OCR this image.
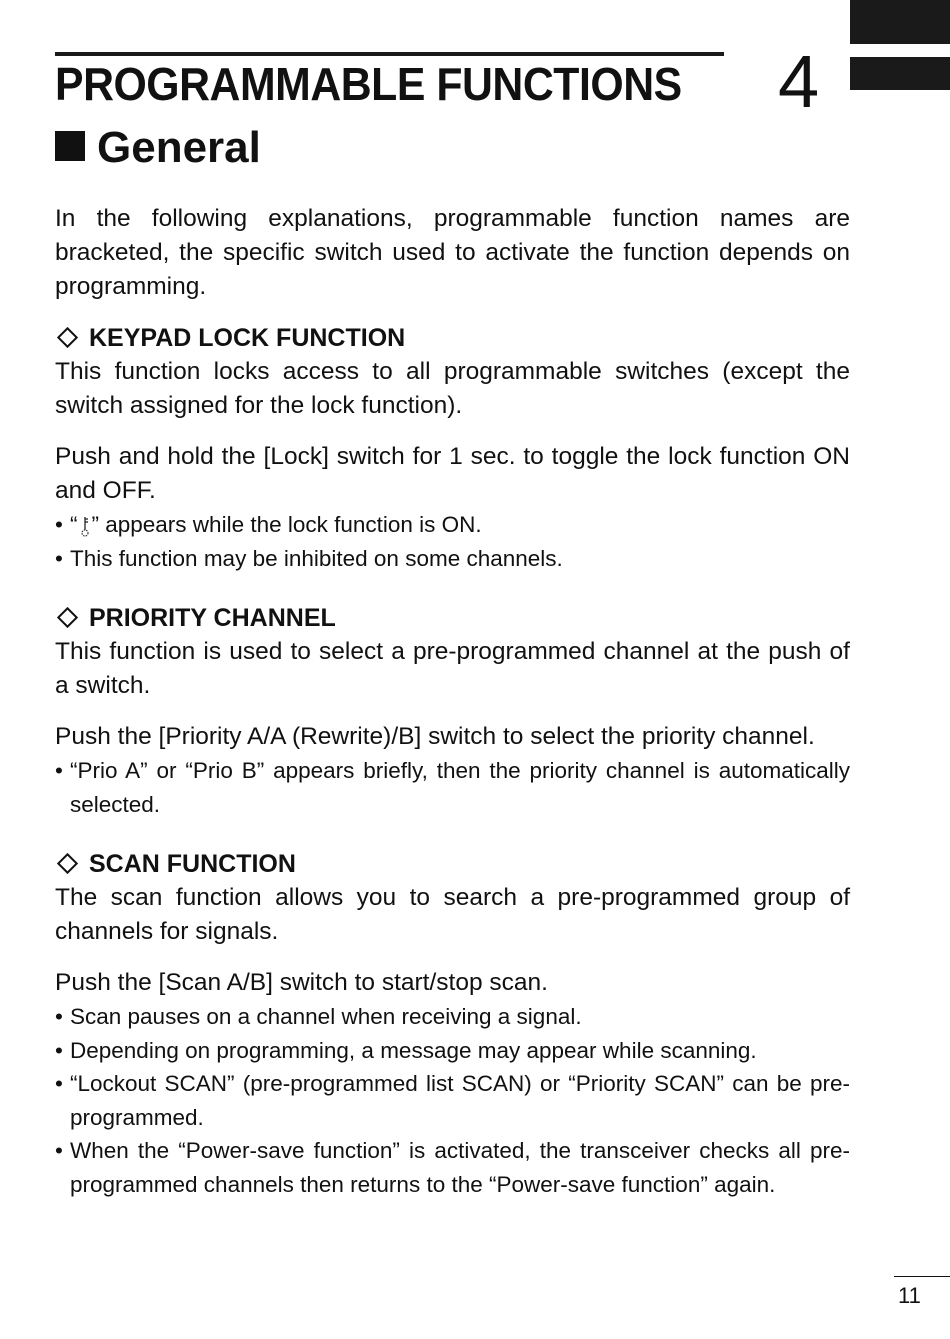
PROGRAMMABLE FUNCTIONS 4
General

In the following explanations, programmable function names are bracketed, the specific switch used to activate the function depends on programming.

KEYPAD LOCK FUNCTION

This function locks access to all programmable switches (except the switch assigned for the lock function).

Push and hold the [Lock] switch for 1 sec. to toggle the lock function ON and OFF.

• “ ” appears while the lock function is ON.
• This function may be inhibited on some channels.
PRIORITY CHANNEL

This function is used to select a pre-programmed channel at the push of a switch.

Push the [Priority A/A (Rewrite)/B] switch to select the priority channel.

• “Prio A” or “Prio B” appears briefly, then the priority channel is automatically selected.
SCAN FUNCTION

The scan function allows you to search a pre-programmed group of channels for signals.

Push the [Scan A/B] switch to start/stop scan.

• Scan pauses on a channel when receiving a signal.
• Depending on programming, a message may appear while scanning.
• “Lockout SCAN” (pre-programmed list SCAN) or “Priority SCAN” can be pre-programmed.
• When the “Power-save function” is activated, the transceiver checks all pre-programmed channels then returns to the “Power-save function” again.
11
